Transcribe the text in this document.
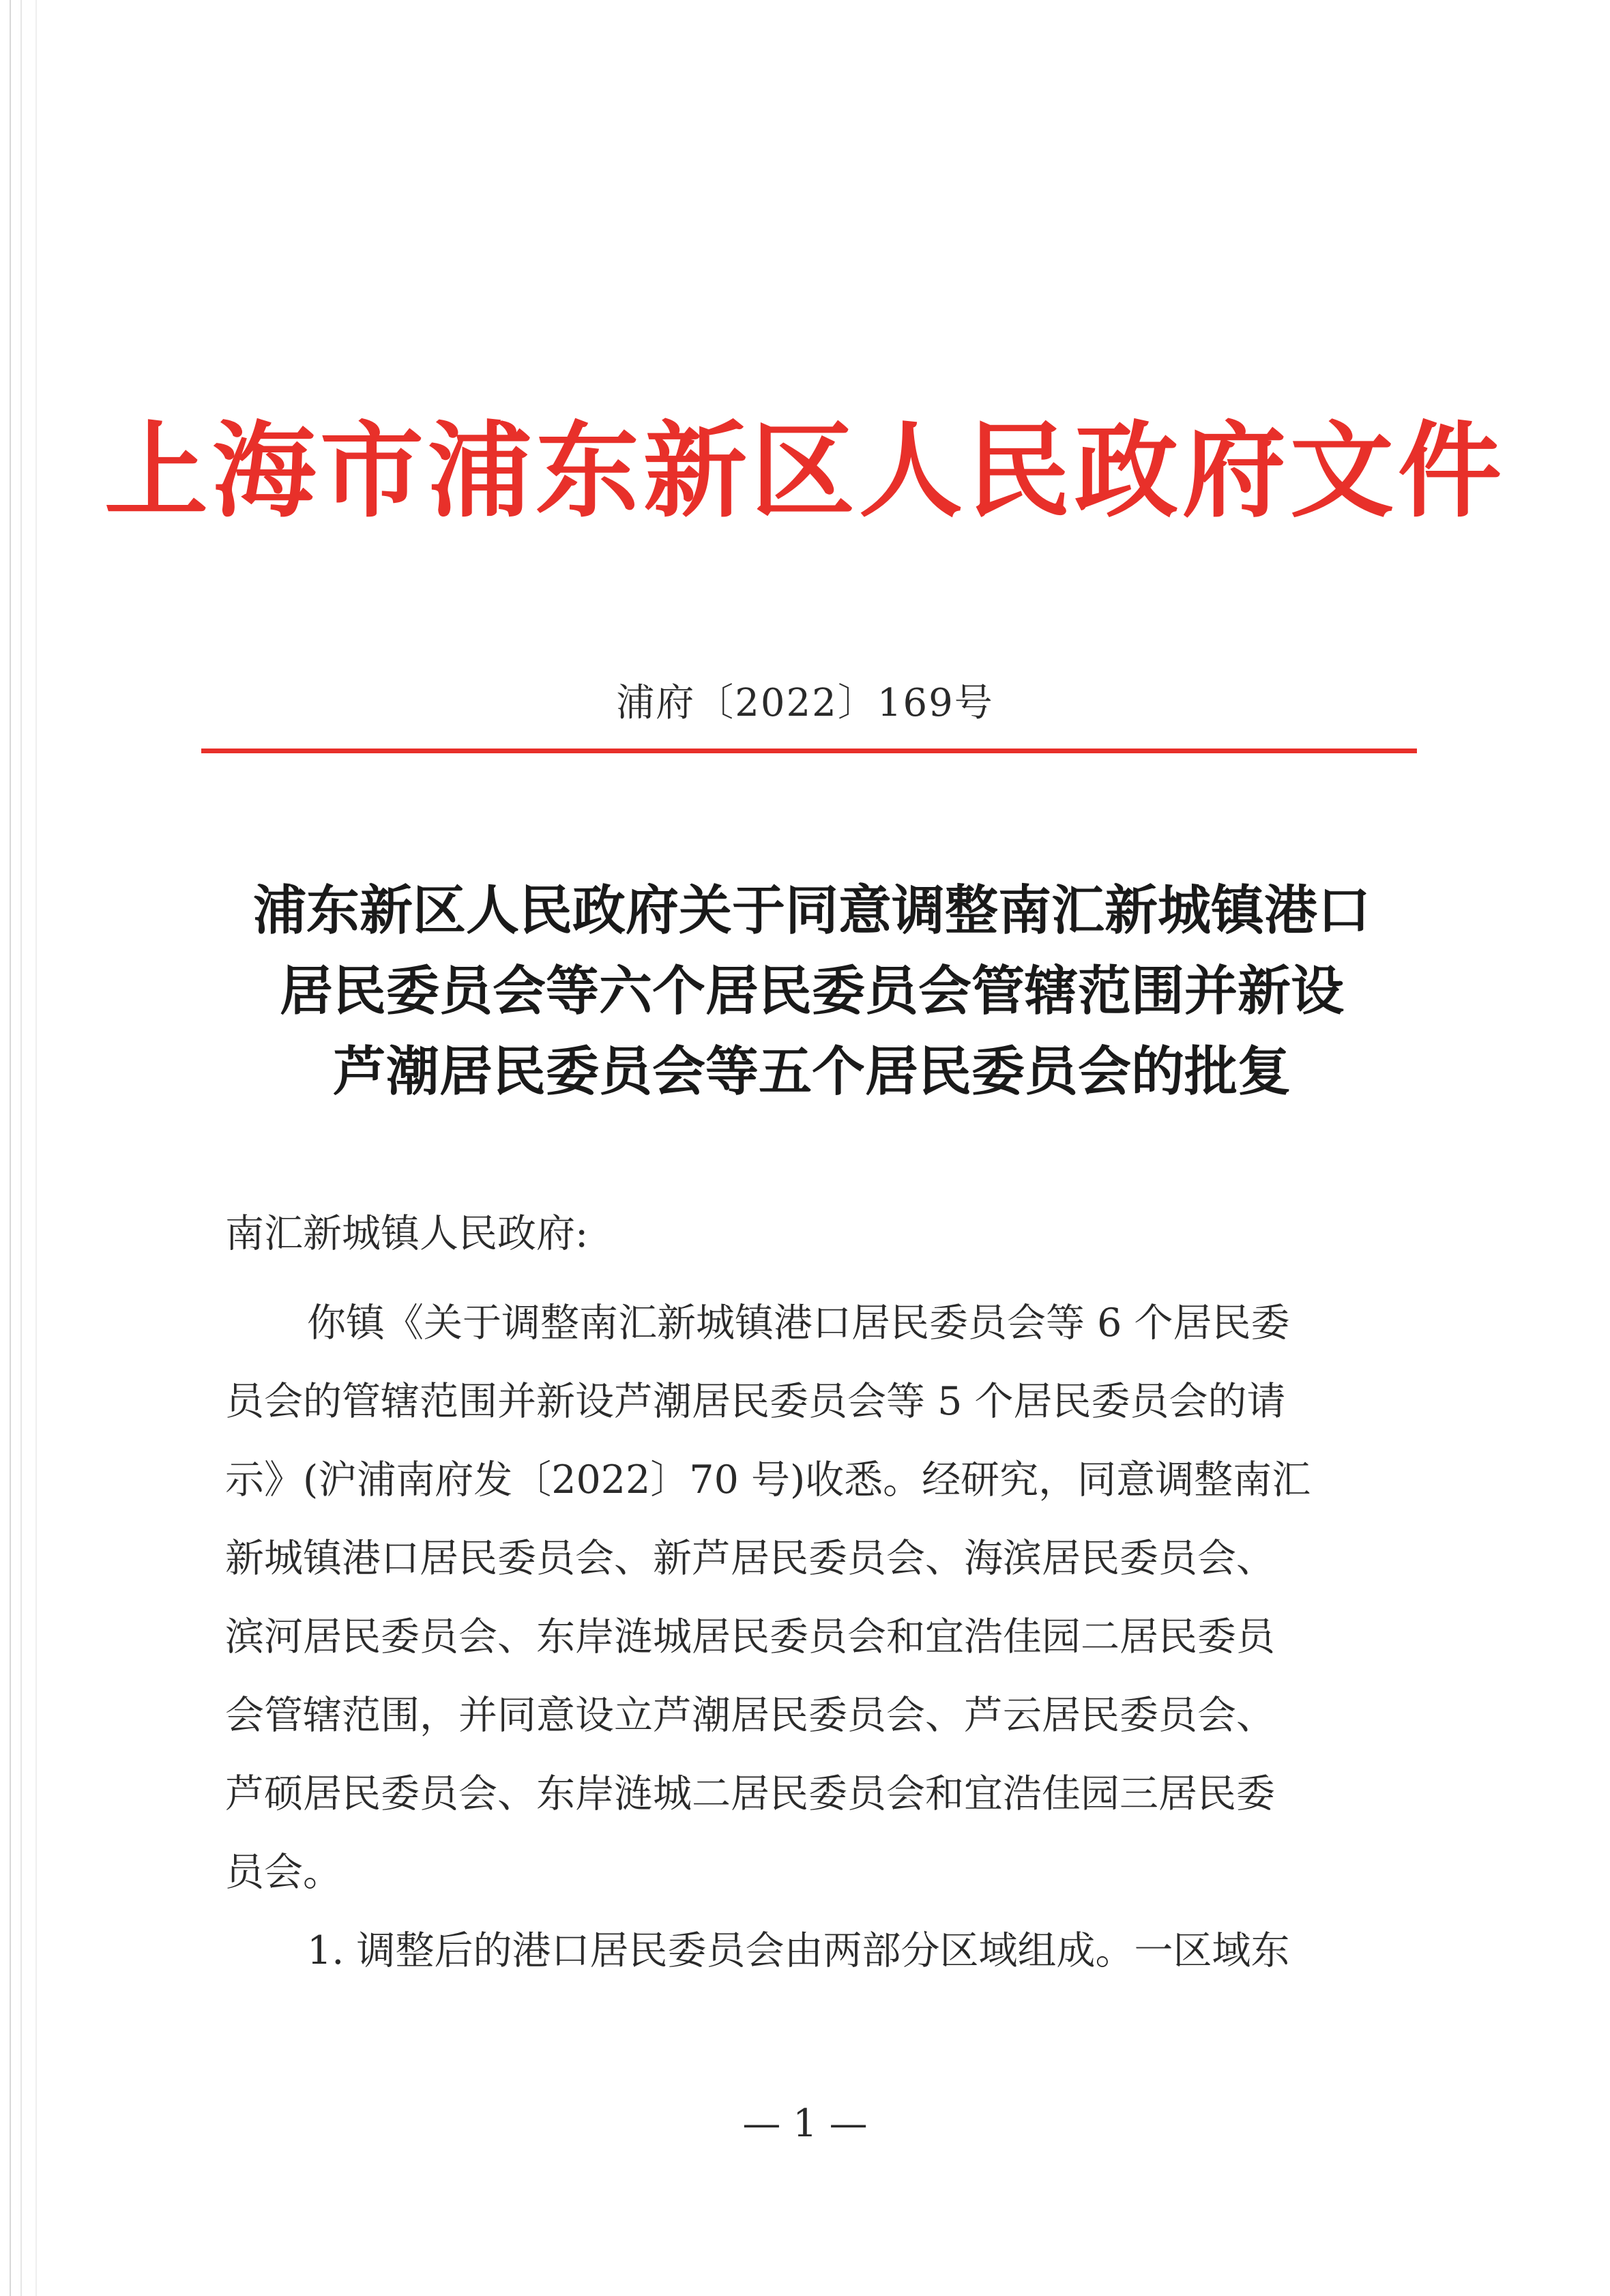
上海市浦东新区人民政府文件
浦府〔2022〕169号
浦东新区人民政府关于同意调整南汇新城镇港口
居民委员会等六个居民委员会管辖范围并新设
芦潮居民委员会等五个居民委员会的批复
南汇新城镇人民政府:
你镇《关于调整南汇新城镇港口居民委员会等 6 个居民委
员会的管辖范围并新设芦潮居民委员会等 5 个居民委员会的请
示》(沪浦南府发〔2022〕70 号)收悉。经研究，同意调整南汇
新城镇港口居民委员会、新芦居民委员会、海滨居民委员会、
滨河居民委员会、东岸涟城居民委员会和宜浩佳园二居民委员
会管辖范围，并同意设立芦潮居民委员会、芦云居民委员会、
芦硕居民委员会、东岸涟城二居民委员会和宜浩佳园三居民委
员会。
1. 调整后的港口居民委员会由两部分区域组成。一区域东
— 1 —
